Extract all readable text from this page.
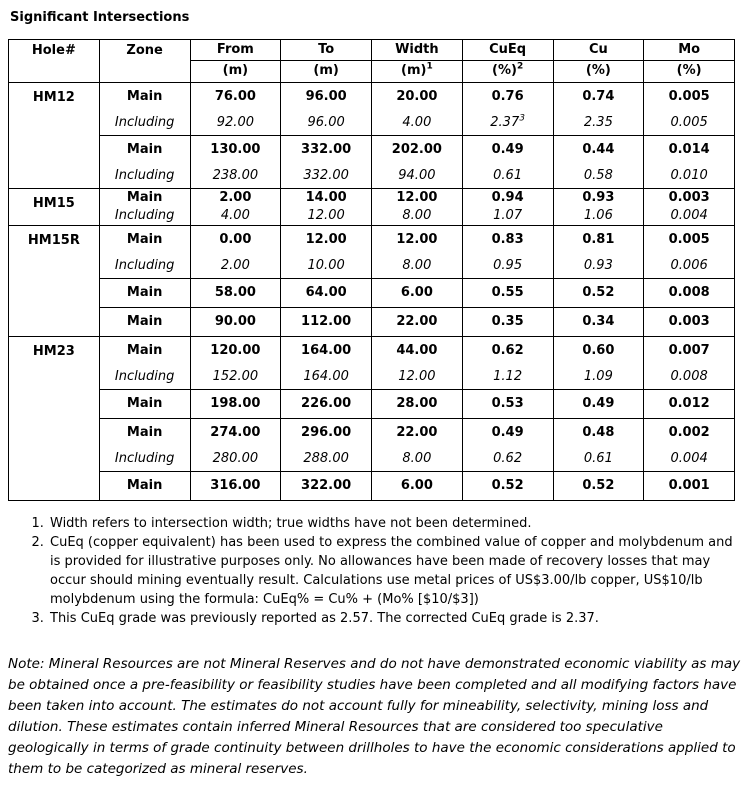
Significant Intersections
Hole#	Zone	From	To	Width	CuEq	Cu	Mo
		(m)	(m)	$(m)^1$	(%)$^2$	(%)	(%)
HM12	Main	76.00	96.00	20.00	0.76	0.74	0.005
	Including	92.00	96.00	4.00	2.37$^3$	2.35	0.005
	Main	130.00	332.00	202.00	0.49	0.44	0.014
	Including	238.00	332.00	94.00	0.61	0.58	0.010
HM15	Main	2.00	14.00	12.00	0.94	0.93	0.003
	Including	4.00	12.00	8.00	1.07	1.06	0.004
HM15R	Main	0.00	12.00	12.00	0.83	0.81	0.005
	Including	2.00	10.00	8.00	0.95	0.93	0.006
	Main	58.00	64.00	6.00	0.55	0.52	0.008
	Main	90.00	112.00	22.00	0.35	0.34	0.003
HM23	Main	120.00	164.00	44.00	0.62	0.60	0.007
	Including	152.00	164.00	12.00	1.12	1.09	0.008
	Main	198.00	226.00	28.00	0.53	0.49	0.012
	Main	274.00	296.00	22.00	0.49	0.48	0.002
	Including	280.00	288.00	8.00	0.62	0.61	0.004
	Main	316.00	322.00	6.00	0.52	0.52	0.001
1. Width refers to intersection width; true widths have not been determined.
2. CuEq (copper equivalent) has been used to express the combined value of copper and molybdenum and is provided for illustrative purposes only. No allowances have been made of recovery losses that may occur should mining eventually result. Calculations use metal prices of US$3.00/lb copper, US$10/lb molybdenum using the formula: CuEq% = Cu% + (Mo% [$10/$3])
3. This CuEq grade was previously reported as 2.57. The corrected CuEq grade is 2.37.

Note: Mineral Resources are not Mineral Reserves and do not have demonstrated economic viability as may be obtained once a pre-feasibility or feasibility studies have been completed and all modifying factors have been taken into account. The estimates do not account fully for mineability, selectivity, mining loss and dilution. These estimates contain inferred Mineral Resources that are considered too speculative geologically in terms of grade continuity between drillholes to have the economic considerations applied to them to be categorized as mineral reserves.
